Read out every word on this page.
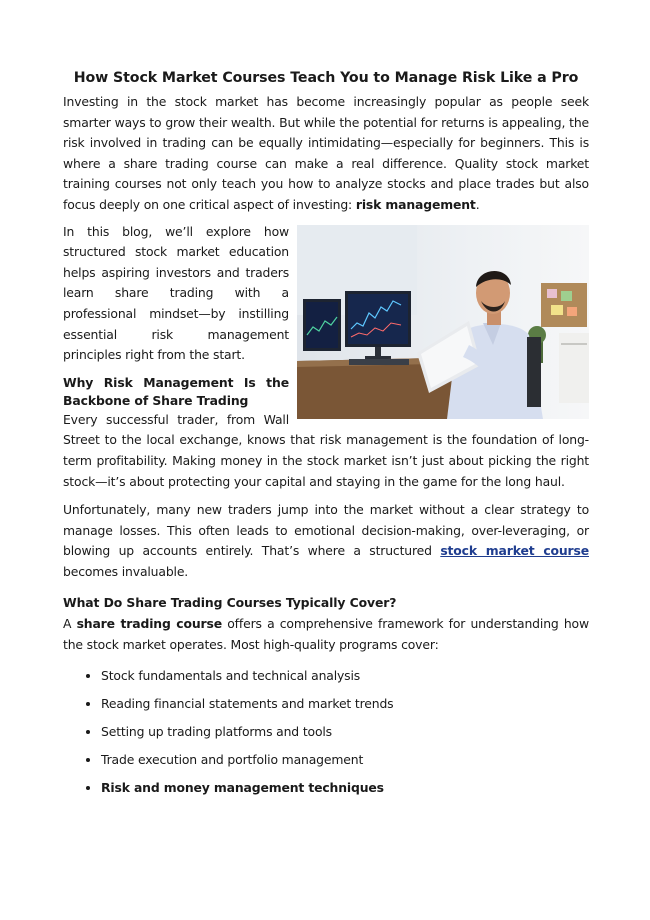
How Stock Market Courses Teach You to Manage Risk Like a Pro

Investing in the stock market has become increasingly popular as people seek smarter ways to grow their wealth. But while the potential for returns is appealing, the risk involved in trading can be equally intimidating—especially for beginners. This is where a share trading course can make a real difference. Quality stock market training courses not only teach you how to analyze stocks and place trades but also focus deeply on one critical aspect of investing: risk management.

In this blog, we’ll explore how structured stock market education helps aspiring investors and traders learn share trading with a professional mindset—by instilling essential risk management principles right from the start.

Why Risk Management Is the
Backbone of Share Trading

Every successful trader, from Wall Street to the local exchange, knows that risk management is the foundation of long-term profitability. Making money in the stock market isn’t just about picking the right stock—it’s about protecting your capital and staying in the game for the long haul.

Unfortunately, many new traders jump into the market without a clear strategy to manage losses. This often leads to emotional decision-making, over-leveraging, or blowing up accounts entirely. That’s where a structured stock market course becomes invaluable.

What Do Share Trading Courses Typically Cover?

A share trading course offers a comprehensive framework for understanding how the stock market operates. Most high-quality programs cover:

• Stock fundamentals and technical analysis
• Reading financial statements and market trends
• Setting up trading platforms and tools
• Trade execution and portfolio management
• Risk and money management techniques
